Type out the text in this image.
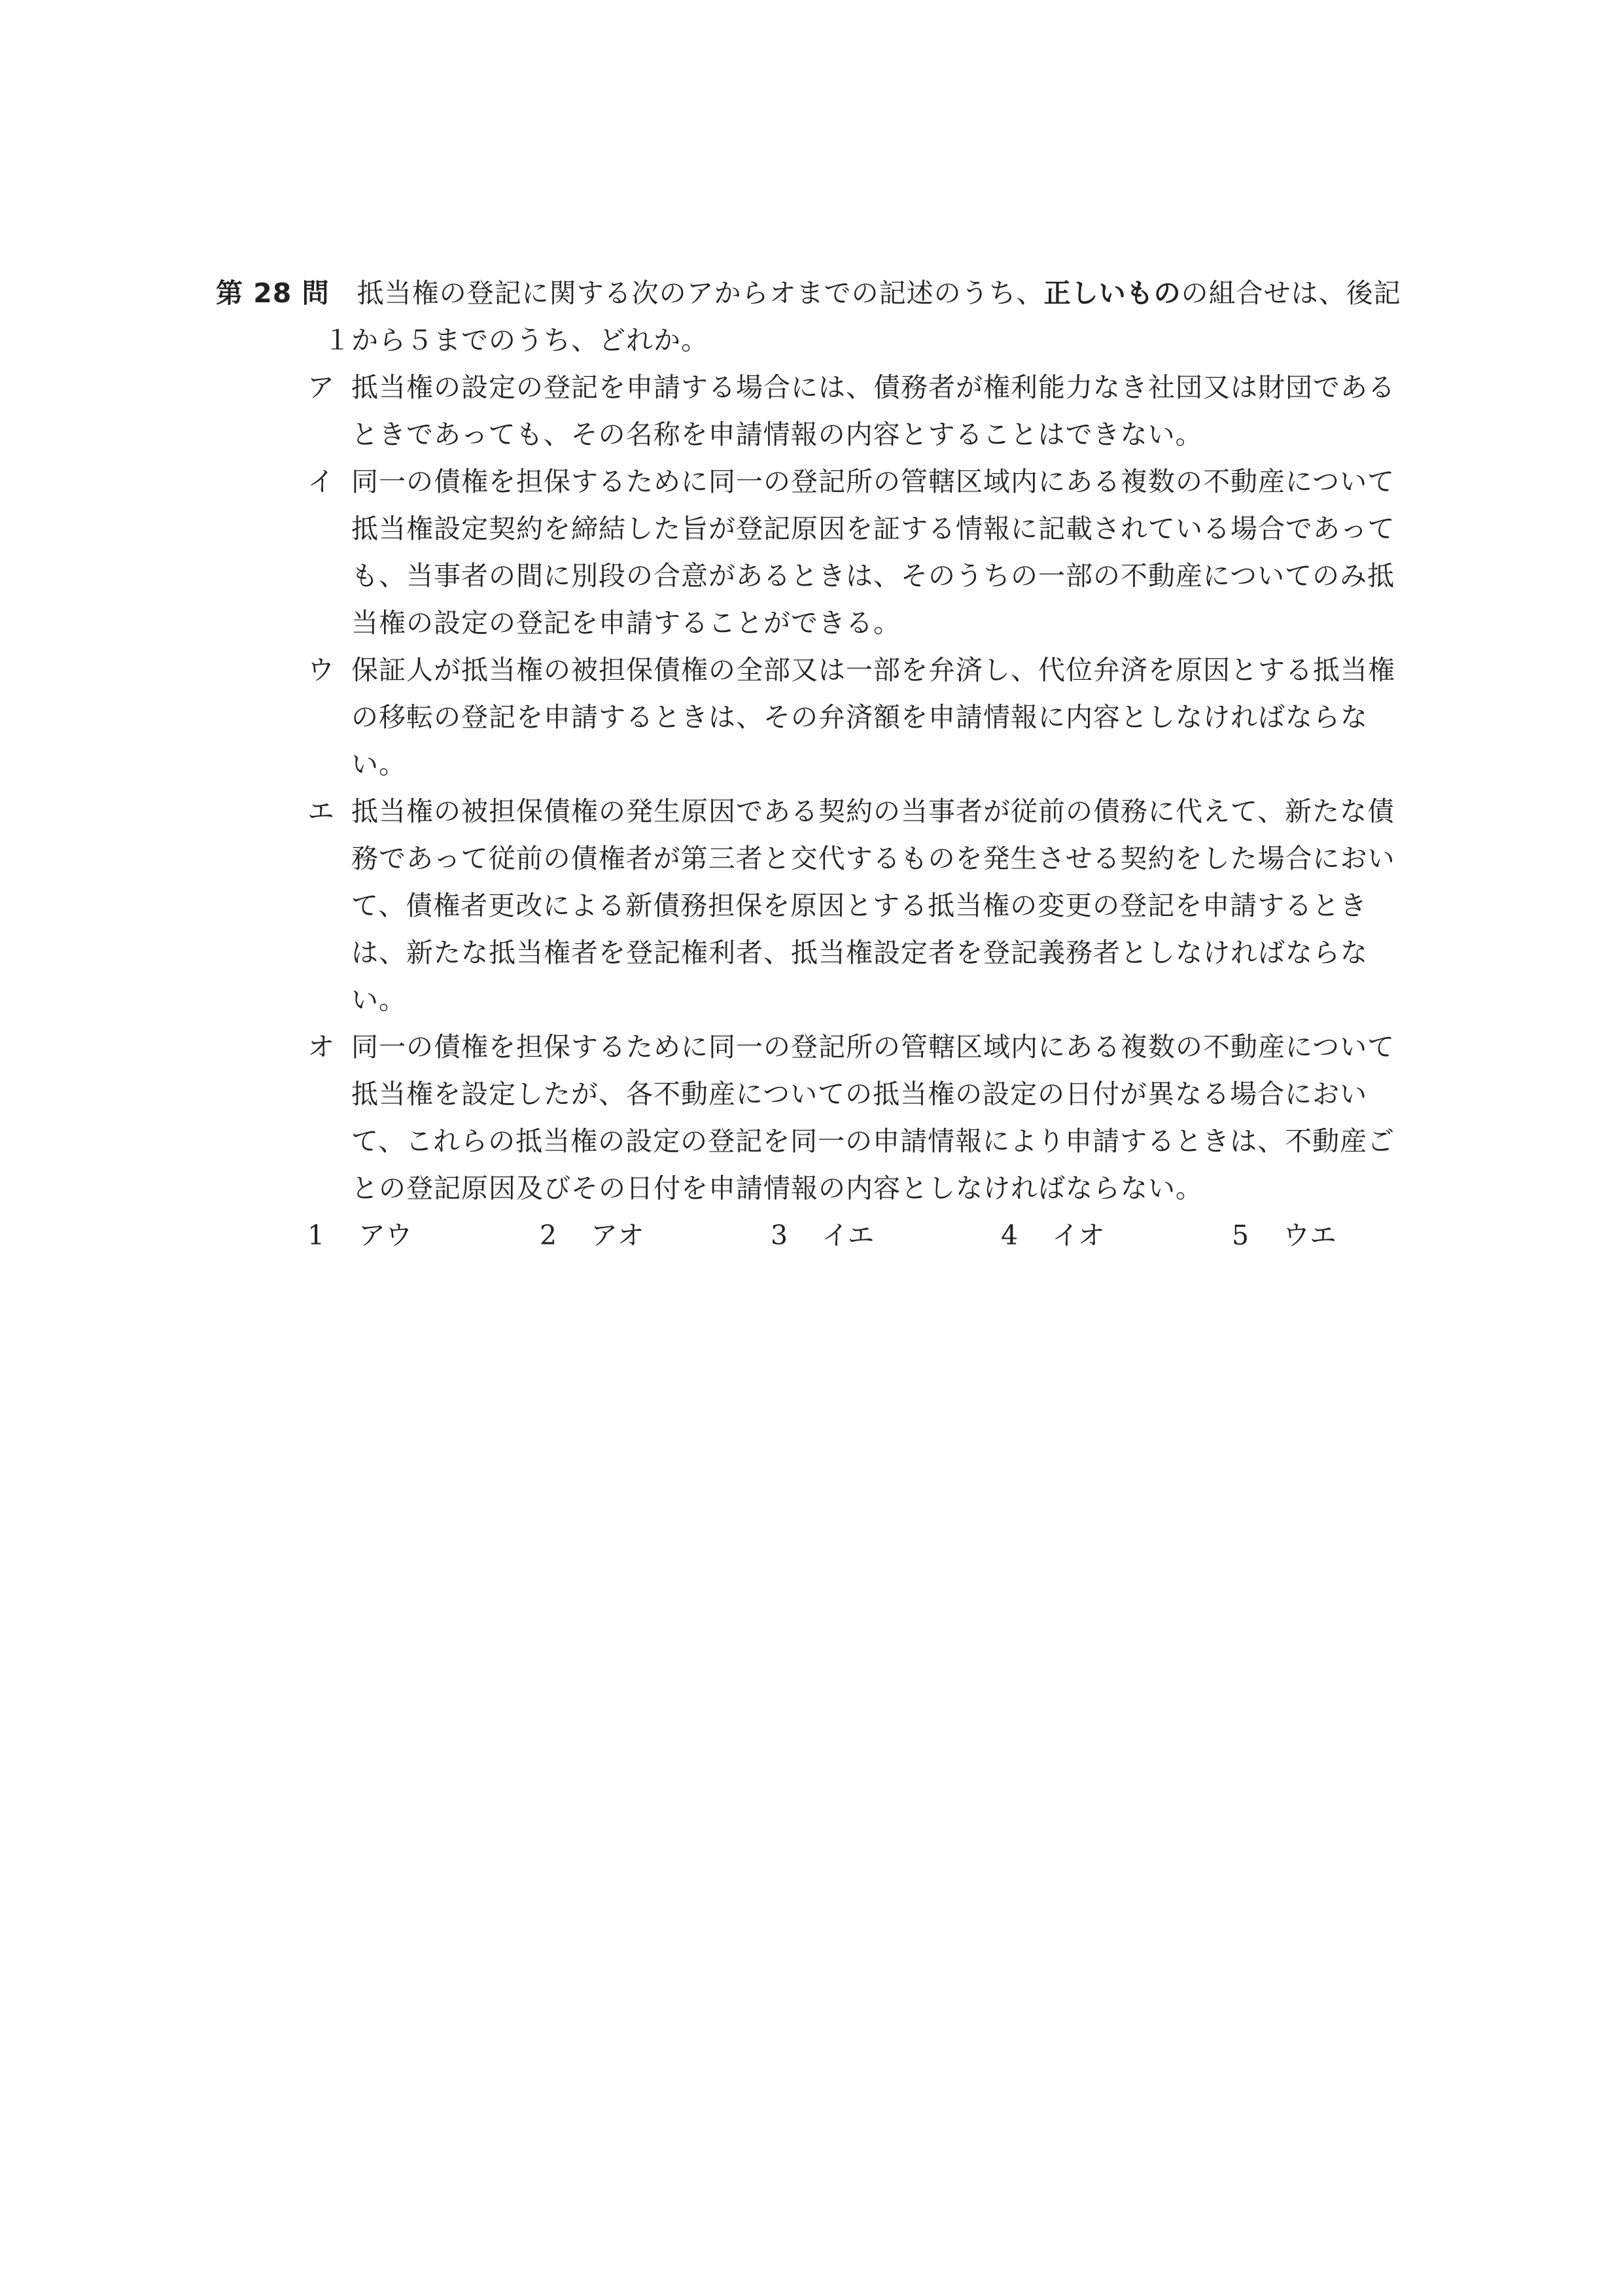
第 28 問　 抵当権の登記に関する次のアからオまでの記述のうち、正しいものの組合せは、後記１から５までのうち、どれか。
ア 抵当権の設定の登記を申請する場合には、債務者が権利能力なき社団又は財団であるときであっても、その名称を申請情報の内容とすることはできない。
イ 同一の債権を担保するために同一の登記所の管轄区域内にある複数の不動産について抵当権設定契約を締結した旨が登記原因を証する情報に記載されている場合であっても、当事者の間に別段の合意があるときは、そのうちの一部の不動産についてのみ抵当権の設定の登記を申請することができる。
ウ 保証人が抵当権の被担保債権の全部又は一部を弁済し、代位弁済を原因とする抵当権の移転の登記を申請するときは、その弁済額を申請情報に内容としなければならない。
エ 抵当権の被担保債権の発生原因である契約の当事者が従前の債務に代えて、新たな債務であって従前の債権者が第三者と交代するものを発生させる契約をした場合において、債権者更改による新債務担保を原因とする抵当権の変更の登記を申請するときは、新たな抵当権者を登記権利者、抵当権設定者を登記義務者としなければならない。
オ 同一の債権を担保するために同一の登記所の管轄区域内にある複数の不動産について抵当権を設定したが、各不動産についての抵当権の設定の日付が異なる場合において、これらの抵当権の設定の登記を同一の申請情報により申請するときは、不動産ごとの登記原因及びその日付を申請情報の内容としなければならない。
1 アウ	2 アオ	3 イエ	4 イオ	5 ウエ
